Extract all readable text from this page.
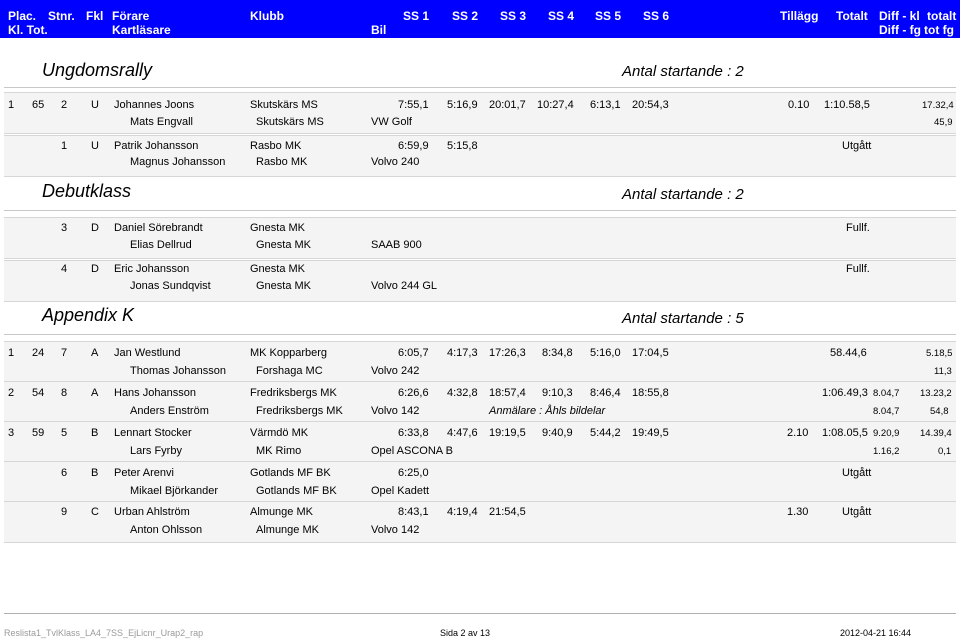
Plac. Stnr. Fkl Förare	Klubb	SS 1 SS 2 SS 3 SS 4 SS 5 SS 6	Tillägg Totalt Diff - kl totalt
Kl. Tot.	Kartläsare	Bil	Diff - fg tot fg
Ungdomsrally	Antal startande : 2
1 65 2 U Johannes Joons	Skutskärs MS	7:55,1 5:16,9 20:01,7 10:27,4 6:13,1 20:54,3	0.10 1:10.58,5	17.32,4
Mats Engvall	Skutskärs MS	VW Golf	45,9
1 U Patrik Johansson	Rasbo MK	6:59,9 5:15,8	Utgått
Magnus Johansson	Rasbo MK	Volvo 240
Debutklass	Antal startande : 2
3 D Daniel Sörebrandt	Gnesta MK	Fullf.
Elias Dellrud	Gnesta MK	SAAB 900
4 D Eric Johansson	Gnesta MK	Fullf.
Jonas Sundqvist	Gnesta MK	Volvo 244 GL
Appendix K	Antal startande : 5
1 24 7 A Jan Westlund	MK Kopparberg	6:05,7 4:17,3 17:26,3 8:34,8 5:16,0 17:04,5	58.44,6	5.18,5
Thomas Johansson	Forshaga MC	Volvo 242	11,3
2 54 8 A Hans Johansson	Fredriksbergs MK	6:26,6 4:32,8 18:57,4 9:10,3 8:46,4 18:55,8	1:06.49,3 8.04,7 13.23,2
Anders Enström	Fredriksbergs MK	Volvo 142	Anmälare : Åhls bildelar	8.04,7	54,8
3 59 5 B Lennart Stocker	Värmdö MK	6:33,8 4:47,6 19:19,5 9:40,9 5:44,2 19:49,5	2.10 1:08.05,5 9.20,9 14.39,4
Lars Fyrby	MK Rimo	Opel ASCONA B	1.16,2	0,1
6 B Peter Arenvi	Gotlands MF BK	6:25,0	Utgått
Mikael Björkander	Gotlands MF BK	Opel Kadett
9 C Urban Ahlström	Almunge MK	8:43,1 4:19,4 21:54,5	1.30	Utgått
Anton Ohlsson	Almunge MK	Volvo 142
Reslista1_TvlKlass_LA4_7SS_EjLicnr_Urap2_rap	Sida 2 av 13	2012-04-21 16:44
